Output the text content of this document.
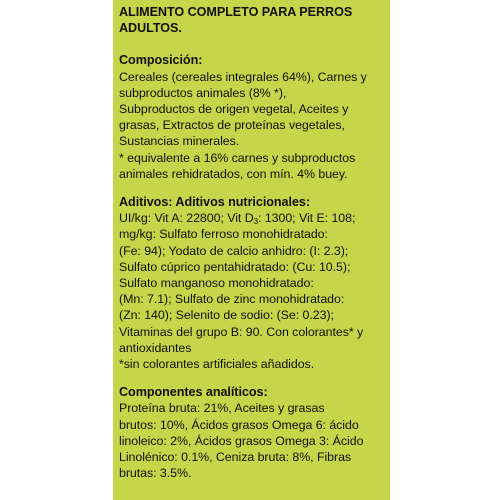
ALIMENTO COMPLETO PARA PERROS
ADULTOS.
Composición:
Cereales (cereales integrales 64%), Carnes y
subproductos animales (8% *),
Subproductos de origen vegetal, Aceites y
grasas, Extractos de proteínas vegetales,
Sustancias minerales.
* equivalente a 16% carnes y subproductos
animales rehidratados, con mín. 4% buey.
Aditivos: Aditivos nutricionales:
UI/kg: Vit A: 22800; Vit $D_3$: 1300; Vit E: 108;
mg/kg: Sulfato ferroso monohidratado:
(Fe: 94); Yodato de calcio anhidro: (I: 2.3);
Sulfato cúprico pentahidratado: (Cu: 10.5);
Sulfato manganoso monohidratado:
(Mn: 7.1); Sulfato de zinc monohidratado:
(Zn: 140); Selenito de sodio: (Se: 0.23);
Vitaminas del grupo B: 90. Con colorantes* y
antioxidantes
*sin colorantes artificiales añadidos.
Componentes analíticos:
Proteína bruta: 21%, Aceites y grasas
brutos: 10%, Ácidos grasos Omega 6: ácido
linoleico: 2%, Ácidos grasos Omega 3: Ácido
Linolénico: 0.1%, Ceniza bruta: 8%, Fibras
brutas: 3.5%.
